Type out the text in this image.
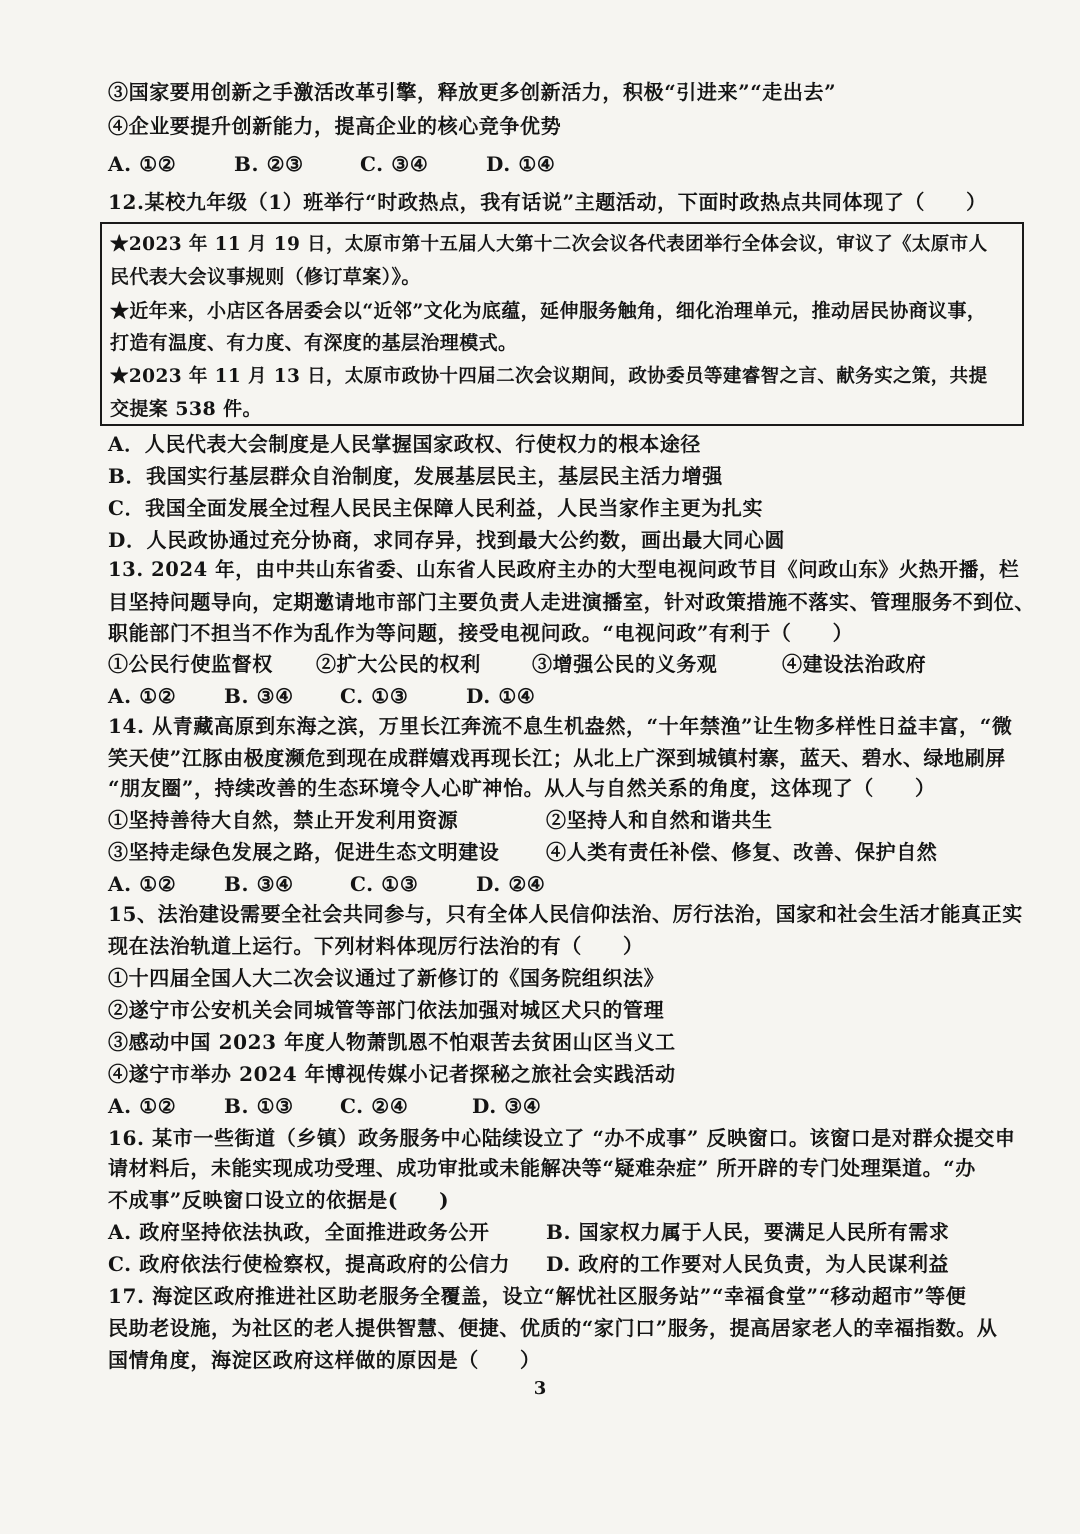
③国家要用创新之手激活改革引擎，释放更多创新活力，积极“引进来”“走出去”
④企业要提升创新能力，提高企业的核心竞争优势
A. ①②	B. ②③	C. ③④	D. ①④
12.某校九年级（1）班举行“时政热点，我有话说”主题活动，下面时政热点共同体现了（　　）
★2023 年 11 月 19 日，太原市第十五届人大第十二次会议各代表团举行全体会议，审议了《太原市人
民代表大会议事规则（修订草案）》。
★近年来，小店区各居委会以“近邻”文化为底蕴，延伸服务触角，细化治理单元，推动居民协商议事，
打造有温度、有力度、有深度的基层治理模式。
★2023 年 11 月 13 日，太原市政协十四届二次会议期间，政协委员等建睿智之言、献务实之策，共提
交提案 538 件。
A．人民代表大会制度是人民掌握国家政权、行使权力的根本途径
B．我国实行基层群众自治制度，发展基层民主，基层民主活力增强
C．我国全面发展全过程人民民主保障人民利益，人民当家作主更为扎实
D．人民政协通过充分协商，求同存异，找到最大公约数，画出最大同心圆
13. 2024 年，由中共山东省委、山东省人民政府主办的大型电视问政节目《问政山东》火热开播，栏
目坚持问题导向，定期邀请地市部门主要负责人走进演播室，针对政策措施不落实、管理服务不到位、
职能部门不担当不作为乱作为等问题，接受电视问政。“电视问政”有利于（　　）
①公民行使监督权 ②扩大公民的权利	③增强公民的义务观	④建设法治政府
A. ①② B. ③④ C. ①③	D. ①④
14. 从青藏高原到东海之滨，万里长江奔流不息生机盎然，“十年禁渔”让生物多样性日益丰富，“微
笑天使”江豚由极度濒危到现在成群嬉戏再现长江；从北上广深到城镇村寨，蓝天、碧水、绿地刷屏
“朋友圈”，持续改善的生态环境令人心旷神怡。从人与自然关系的角度，这体现了（　　）
①坚持善待大自然，禁止开发利用资源	②坚持人和自然和谐共生
③坚持走绿色发展之路，促进生态文明建设 ④人类有责任补偿、修复、改善、保护自然
A. ①② B. ③④	C. ①③	D. ②④
15、法治建设需要全社会共同参与，只有全体人民信仰法治、厉行法治，国家和社会生活才能真正实
现在法治轨道上运行。下列材料体现厉行法治的有（　　）
①十四届全国人大二次会议通过了新修订的《国务院组织法》
②遂宁市公安机关会同城管等部门依法加强对城区犬只的管理
③感动中国 2023 年度人物萧凯恩不怕艰苦去贫困山区当义工
④遂宁市举办 2024 年博视传媒小记者探秘之旅社会实践活动
A. ①② B. ①③ C. ②④	D. ③④
16. 某市一些街道（乡镇）政务服务中心陆续设立了 “办不成事” 反映窗口。该窗口是对群众提交申
请材料后，未能实现成功受理、成功审批或未能解决等“疑难杂症” 所开辟的专门处理渠道。“办
不成事”反映窗口设立的依据是(　　)
A. 政府坚持依法执政，全面推进政务公开	B. 国家权力属于人民，要满足人民所有需求
C. 政府依法行使检察权，提高政府的公信力 D. 政府的工作要对人民负责，为人民谋利益
17. 海淀区政府推进社区助老服务全覆盖，设立“解忧社区服务站”“幸福食堂”“移动超市”等便
民助老设施，为社区的老人提供智慧、便捷、优质的“家门口”服务，提高居家老人的幸福指数。从
国情角度，海淀区政府这样做的原因是（　　）
3
